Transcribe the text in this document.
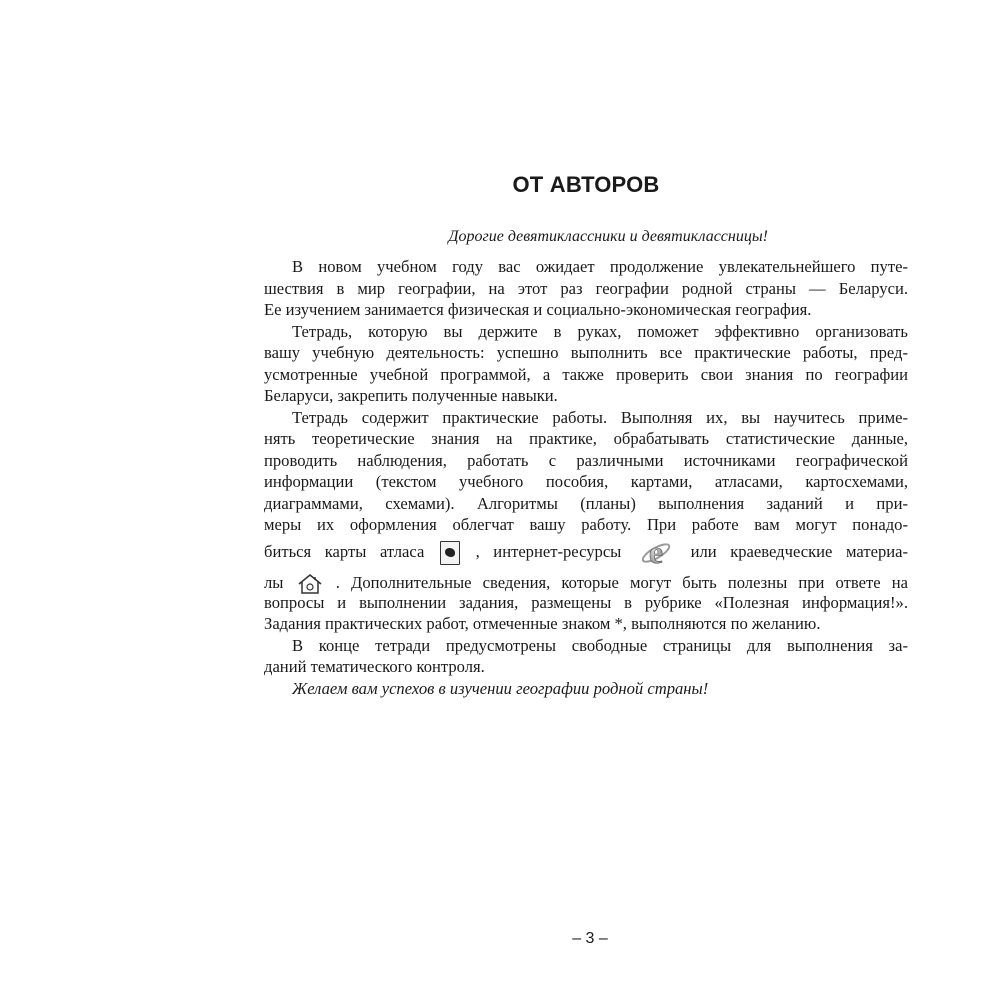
ОТ АВТОРОВ
Дорогие девятиклассники и девятиклассницы!
В новом учебном году вас ожидает продолжение увлекательнейшего путе-
шествия в мир географии, на этот раз географии родной страны — Беларуси.
Ее изучением занимается физическая и социально-экономическая география.
Тетрадь, которую вы держите в руках, поможет эффективно организовать
вашу учебную деятельность: успешно выполнить все практические работы, пред-
усмотренные учебной программой, а также проверить свои знания по географии
Беларуси, закрепить полученные навыки.
Тетрадь содержит практические работы. Выполняя их, вы научитесь приме-
нять теоретические знания на практике, обрабатывать статистические данные,
проводить наблюдения, работать с различными источниками географической
информации (текстом учебного пособия, картами, атласами, картосхемами,
диаграммами, схемами). Алгоритмы (планы) выполнения заданий и при-
меры их оформления облегчат вашу работу. При работе вам могут понадо-
биться карты атласа	, интернет-ресурсы e или краеведческие материа-
лы	. Дополнительные сведения, которые могут быть полезны при ответе на
вопросы и выполнении задания, размещены в рубрике «Полезная информация!».
Задания практических работ, отмеченные знаком *, выполняются по желанию.
В конце тетради предусмотрены свободные страницы для выполнения за-
даний тематического контроля.
Желаем вам успехов в изучении географии родной страны!
– 3 –
